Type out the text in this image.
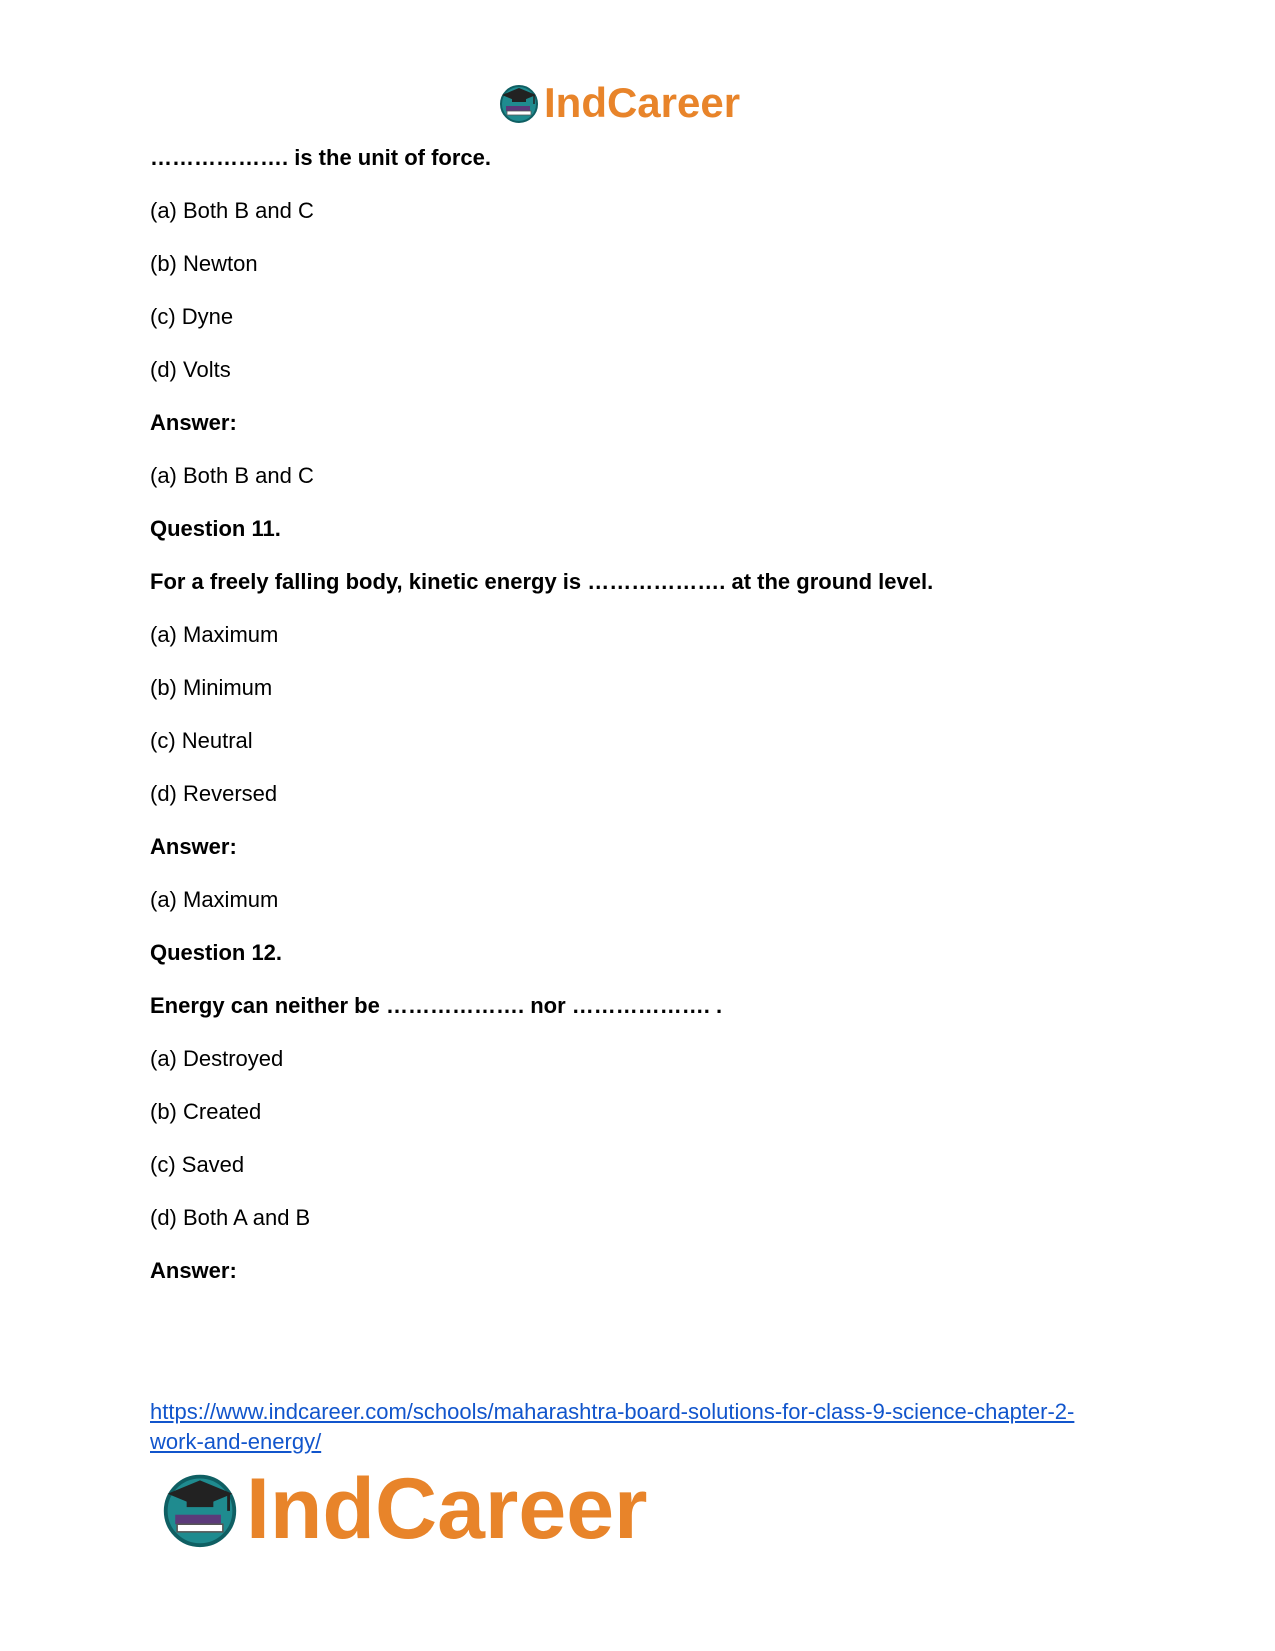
IndCareer
………………. is the unit of force.
(a) Both B and C
(b) Newton
(c) Dyne
(d) Volts
Answer:
(a) Both B and C
Question 11.
For a freely falling body, kinetic energy is ………………. at the ground level.
(a) Maximum
(b) Minimum
(c) Neutral
(d) Reversed
Answer:
(a) Maximum
Question 12.
Energy can neither be ………………. nor ………………. .
(a) Destroyed
(b) Created
(c) Saved
(d) Both A and B
Answer:
https://www.indcareer.com/schools/maharashtra-board-solutions-for-class-9-science-chapter-2-
work-and-energy/
IndCareer
